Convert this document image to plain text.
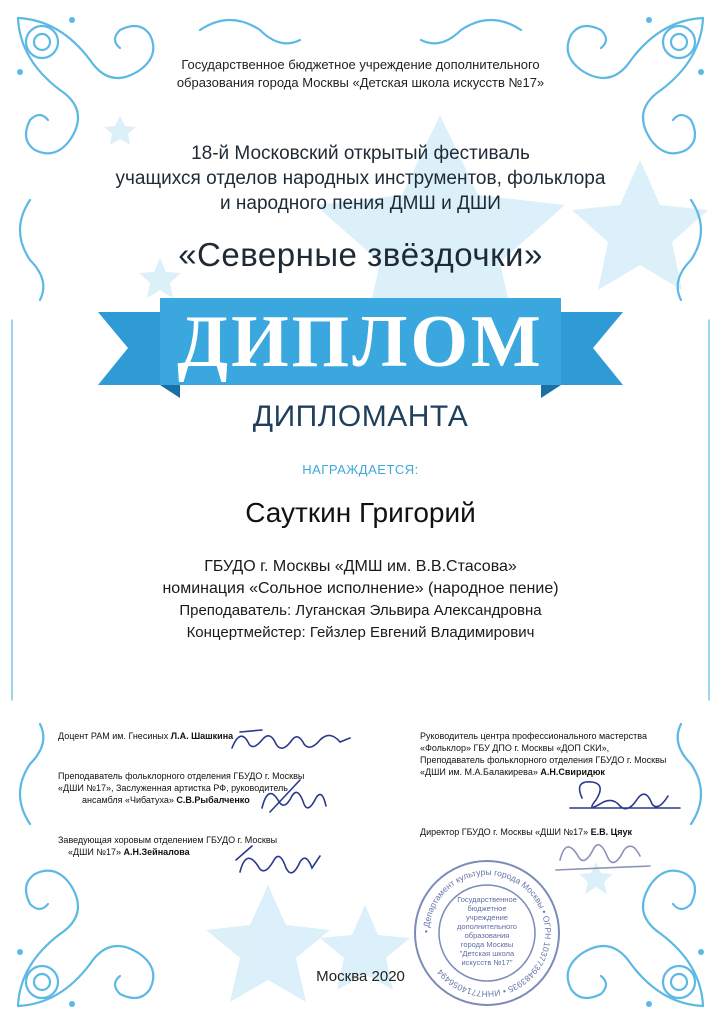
Государственное бюджетное учреждение дополнительного
образования города Москвы «Детская школа искусств №17»
18-й Московский открытый фестиваль
учащихся отделов народных инструментов, фольклора
и народного пения ДМШ и ДШИ
«Северные звёздочки»
ДИПЛОМ
ДИПЛОМАНТА
НАГРАЖДАЕТСЯ:
Сауткин Григорий
ГБУДО г. Москвы «ДМШ им. В.В.Стасова»
номинация «Сольное исполнение» (народное пение)
Преподаватель: Луганская Эльвира Александровна
Концертмейстер: Гейзлер Евгений Владимирович
Доцент РАМ им. Гнесиных Л.А. Шашкина
Преподаватель фольклорного отделения ГБУДО г. Москвы
«ДШИ №17», Заслуженная артистка РФ, руководитель
ансамбля «Чибатуха» С.В.Рыбалченко
Заведующая хоровым отделением ГБУДО г. Москвы
«ДШИ №17» А.Н.Зейналова
Руководитель центра профессионального мастерства
«Фольклор» ГБУ ДПО г. Москвы «ДОП СКИ»,
Преподаватель фольклорного отделения ГБУДО г. Москвы
«ДШИ им. М.А.Балакирева» А.Н.Свиридюк
Директор ГБУДО г. Москвы «ДШИ №17» Е.В. Цяук
• Департамент культуры города Москвы • ОГРН 1037739483935 • ИНН7714056494
Государственное
бюджетное
учреждение
дополнительного
образования
города Москвы
"Детская школа
искусств №17"
Москва 2020
